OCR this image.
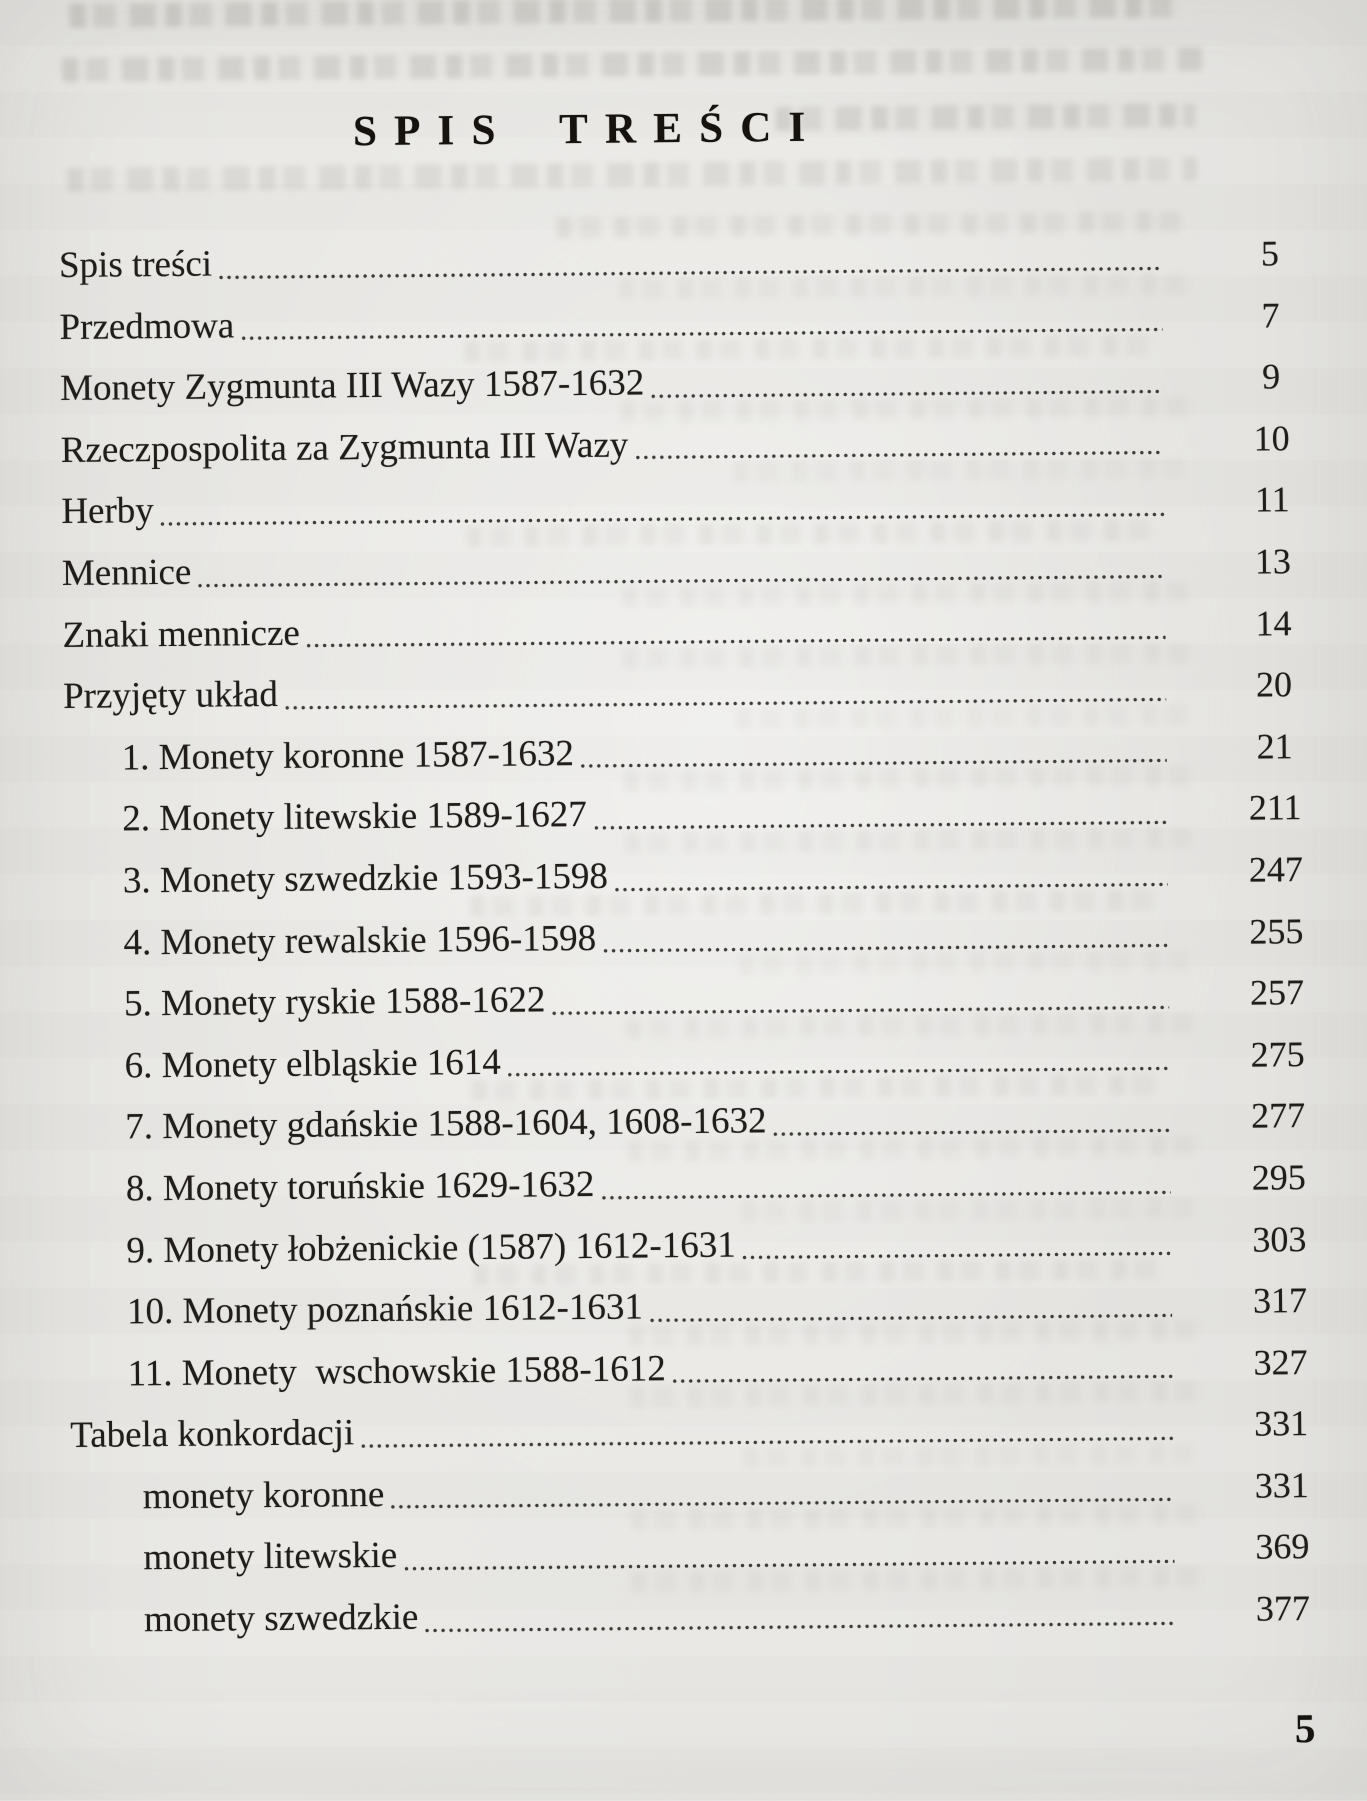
SPIS TREŚCI
Spis treści	5
Przedmowa	7
Monety Zygmunta III Wazy 1587-1632	9
Rzeczpospolita za Zygmunta III Wazy	10
Herby	11
Mennice	13
Znaki mennicze	14
Przyjęty układ	20
1. Monety koronne 1587-1632	21
2. Monety litewskie 1589-1627	211
3. Monety szwedzkie 1593-1598	247
4. Monety rewalskie 1596-1598	255
5. Monety ryskie 1588-1622	257
6. Monety elbląskie 1614	275
7. Monety gdańskie 1588-1604, 1608-1632	277
8. Monety toruńskie 1629-1632	295
9. Monety łobżenickie (1587) 1612-1631	303
10. Monety poznańskie 1612-1631	317
11. Monety  wschowskie 1588-1612	327
Tabela konkordacji	331
monety koronne	331
monety litewskie	369
monety szwedzkie	377
5
